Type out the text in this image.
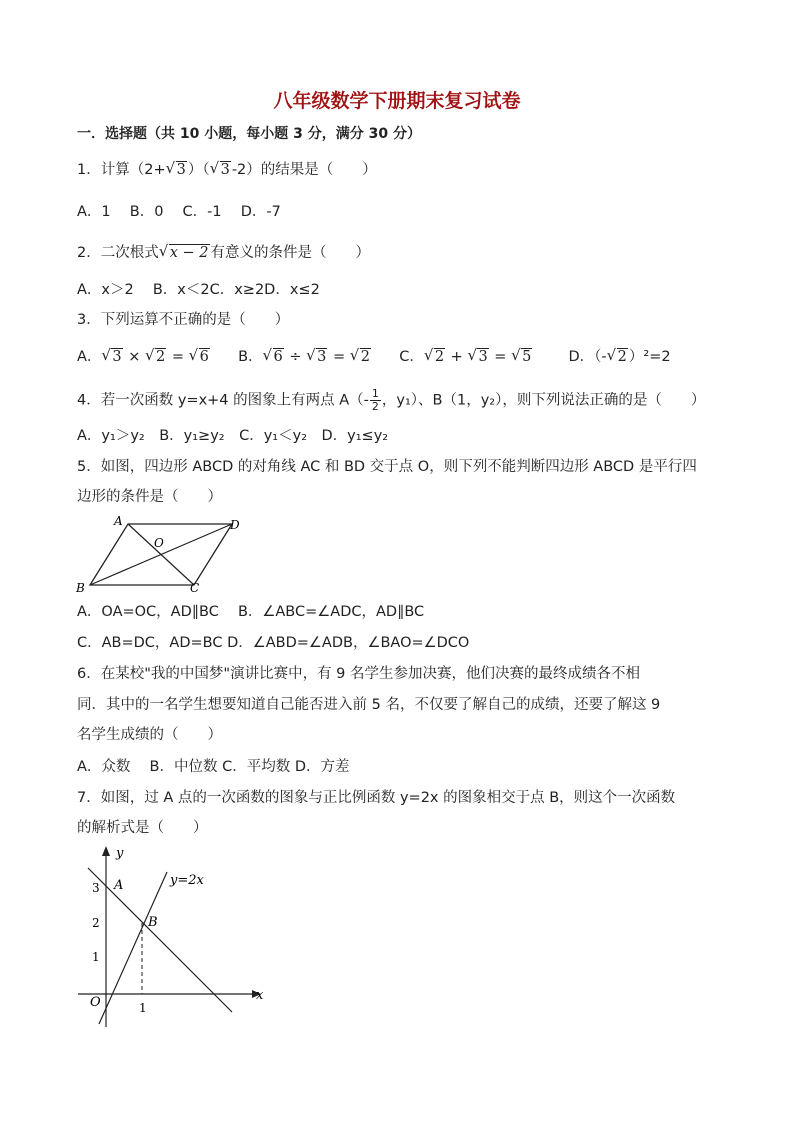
八年级数学下册期末复习试卷
一．选择题（共 10 小题，每小题 3 分，满分 30 分）
1．计算（2+ √ 3 ）（ √ 3 -2）的结果是（　　）
A．1　 B．0　 C．-1　 D．-7
2．二次根式 √ x − 2 有意义的条件是（　　）
A．x＞2　 B．x＜2C．x≥2D．x≤2
3．下列运算不正确的是（　　）
A． √ 3 × √ 2 = √ 6 B． √ 6 ÷ √ 3 = √ 2 C． √ 2 + √ 3 = √ 5	D．（- √ 2 ）²=2
4．若一次函数 y=x+4 的图象上有两点 $A(- \frac{1}{2}$ ，y₁）、B（1，y₂），则下列说法正确的是（　　）
A．y₁＞y₂　B．y₁≥y₂　C．y₁＜y₂　D．y₁≤y₂
5．如图，四边形 ABCD 的对角线 AC 和 BD 交于点 O，则下列不能判断四边形 ABCD 是平行四
边形的条件是（　　）
A	D
B	C
O
A．OA=OC，AD∥BC　 B．∠ABC=∠ADC，AD∥BC
C．AB=DC，AD=BC D．∠ABD=∠ADB，∠BAO=∠DCO
6．在某校"我的中国梦"演讲比赛中，有 9 名学生参加决赛，他们决赛的最终成绩各不相
同．其中的一名学生想要知道自己能否进入前 5 名，不仅要了解自己的成绩，还要了解这 9
名学生成绩的（　　）
A．众数　 B．中位数 C．平均数 D．方差
7．如图，过 A 点的一次函数的图象与正比例函数 y=2x 的图象相交于点 B，则这个一次函数
的解析式是（　　）
y
x
O
y=2x
A
B
3
2
1
1
